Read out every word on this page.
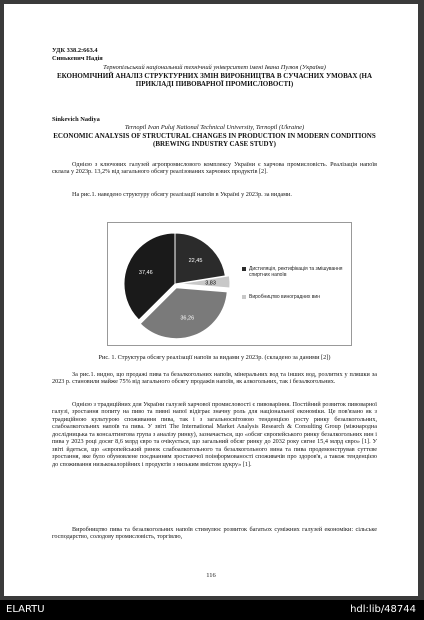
УДК 338.2:663.4
Синькевич Надія
Тернопільський національний технічний університет імені Івана Пулюя (Україна)
ЕКОНОМІЧНИЙ АНАЛІЗ СТРУКТУРНИХ ЗМІН ВИРОБНИЦТВА В СУЧАСНИХ УМОВАХ (НА ПРИКЛАДІ ПИВОВАРНОЇ ПРОМИСЛОВОСТІ)
Sinkevich Nadiya
Ternopil Ivan Puluj National Technical University, Ternopil (Ukraine)
ECONOMIC ANALYSIS OF STRUCTURAL CHANGES IN PRODUCTION IN MODERN CONDITIONS (BREWING INDUSTRY CASE STUDY)
Однією з ключових галузей агропромислового комплексу України є харчова промисловість. Реалізація напоїв склала у 2023р. 13,2% від загального обсягу реалізованих харчових продуктів [2].
На рис.1. наведено структуру обсягу реалізації напоїв в Україні у 2023р. за видами.
22,45
3,83
36,26
37,46
Дистиляція, ректифікація та змішування спиртних напоїв
Виробництво виноградних вин
Рис. 1. Структура обсягу реалізації напоїв за видами у 2023р. (складено за даними [2])
За рис.1. видно, що продажі пива та безалкогольних напоїв, мінеральних вод та інших вод, розлитих у пляшки за 2023 р. становили майже 75% від загального обсягу продажів напоїв, як алкогольних, так і безалкогольних.
Однією з традиційних для України галузей харчової промисловості є пивоваріння. Постійний розвиток пивоварної галузі, зростання попиту на пиво та пивні напої відіграє значну роль для національної економіки. Це пов'язано як з традиційною культурою споживання пива, так і з загальносвітовою тенденцією росту ринку безалкогольних, слабоалкогольних напоїв та пива. У звіті The International Market Analysis Research & Consulting Group (міжнародна дослідницька та консалтингова група з аналізу ринку), зазначається, що «обсяг європейського ринку безалкогольних вин і пива у 2023 році досяг 8,6 млрд євро та очікується, що загальний обсяг ринку до 2032 року сягне 15,4 млрд євро» [1]. У звіті йдеться, що «європейський ринок слабоалкогольного та безалкогольного вина та пива продемонстрував суттєве зростання, яке було обумовлене поєднанням зростаючої поінформованості споживачів про здоров'я, а також тенденцією до споживання низькокалорійних і продуктів з низьким вмістом цукру» [1].
Виробництво пива та безалкогольних напоїв стимулює розвиток багатьох суміжних галузей економіки: сільське господарство, солодову промисловість, торгівлю,
116
ELARTU	hdl:lib/48744
